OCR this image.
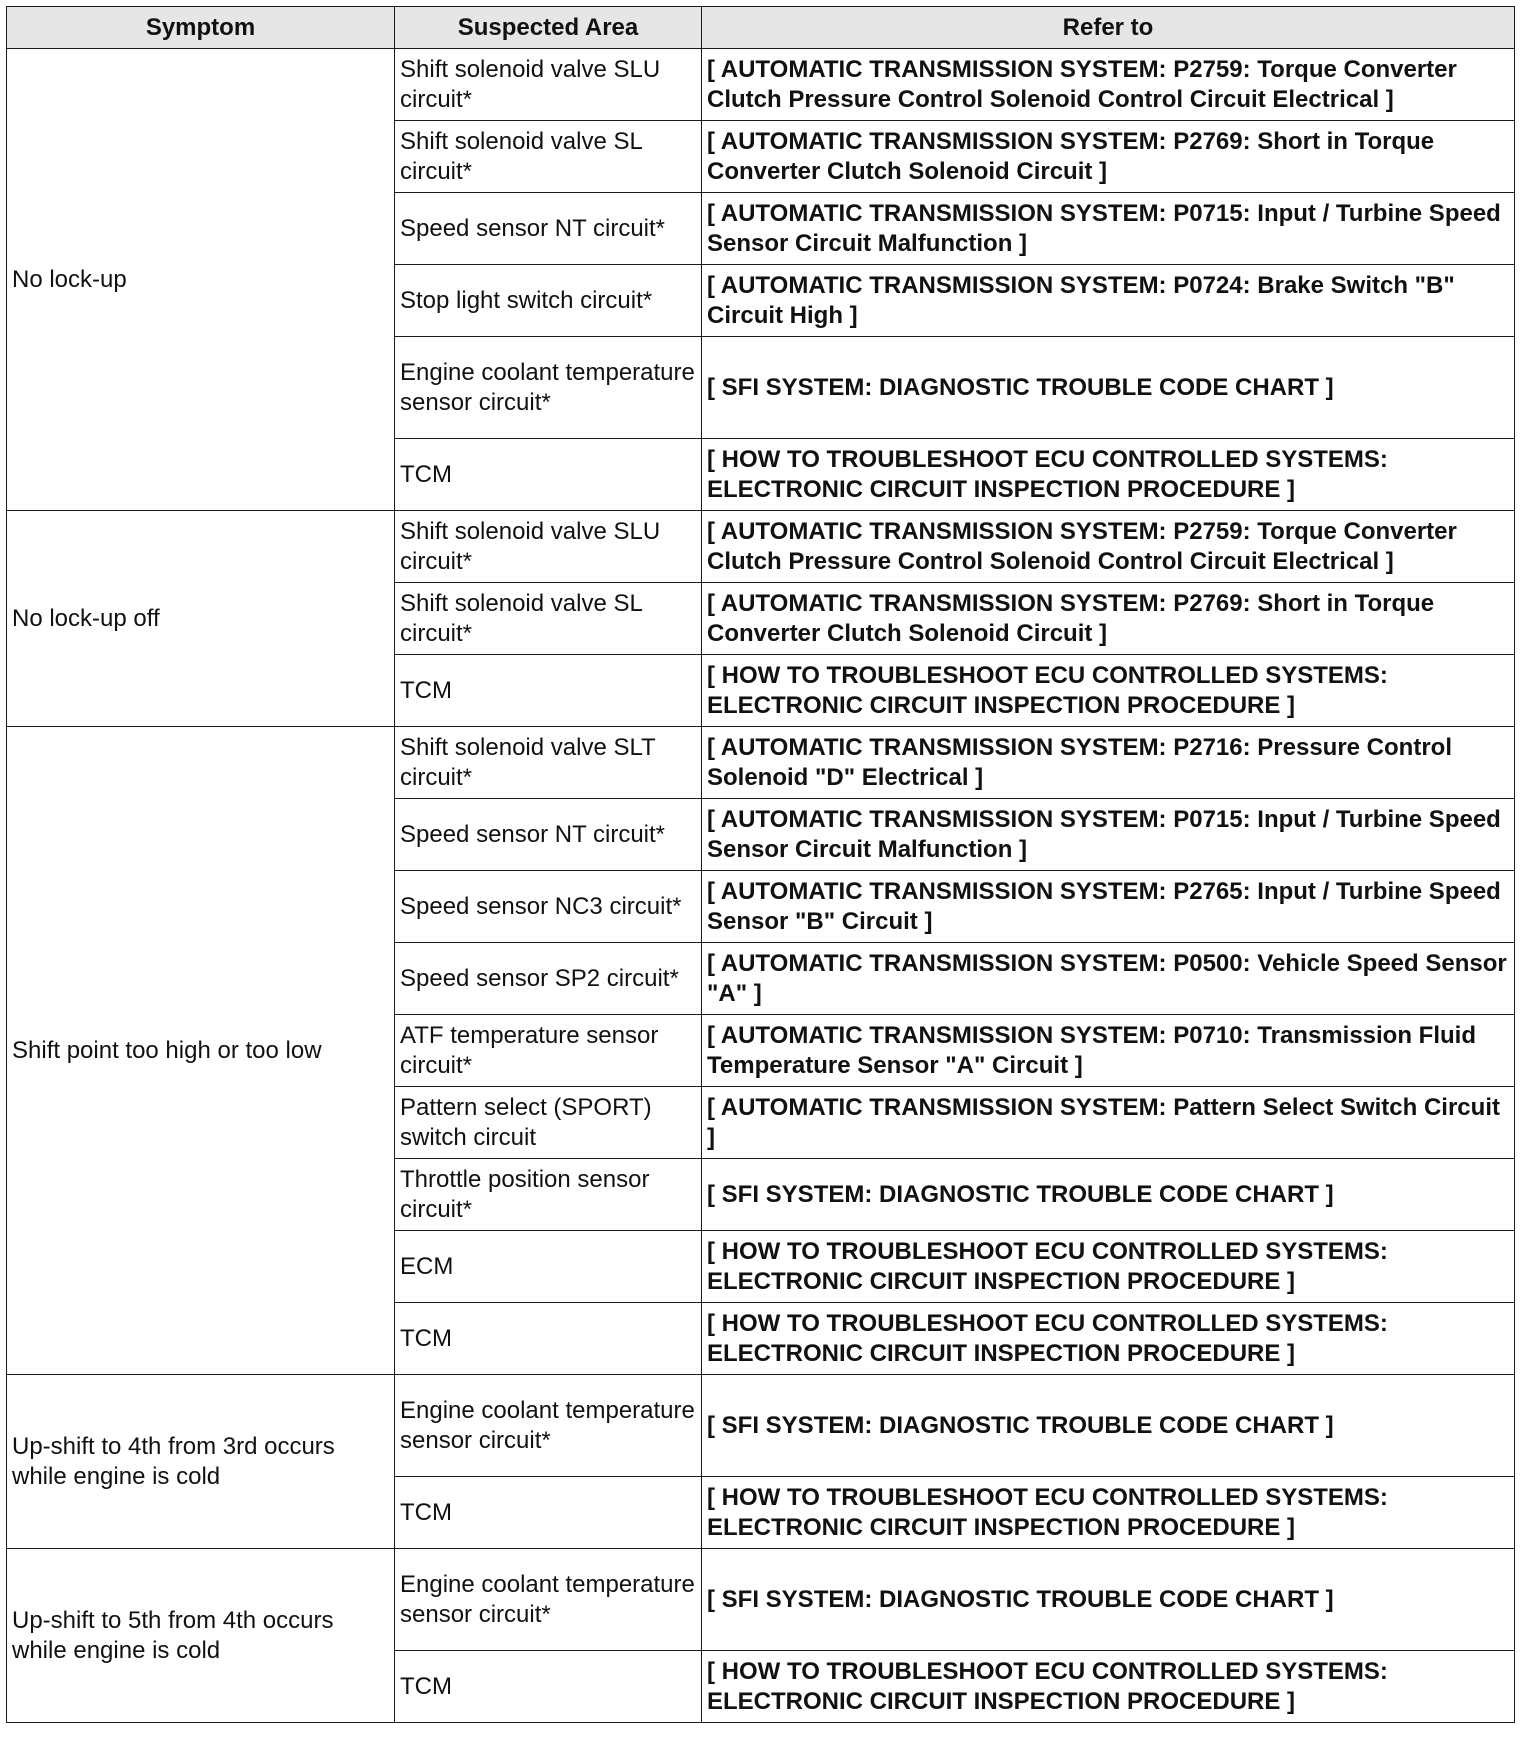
Symptom	Suspected Area	Refer to
No lock-up	Shift solenoid valve SLU circuit*	[ AUTOMATIC TRANSMISSION SYSTEM: P2759: Torque Converter Clutch Pressure Control Solenoid Control Circuit Electrical ]
	Shift solenoid valve SL circuit*	[ AUTOMATIC TRANSMISSION SYSTEM: P2769: Short in Torque Converter Clutch Solenoid Circuit ]
	Speed sensor NT circuit*	[ AUTOMATIC TRANSMISSION SYSTEM: P0715: Input / Turbine Speed Sensor Circuit Malfunction ]
	Stop light switch circuit*	[ AUTOMATIC TRANSMISSION SYSTEM: P0724: Brake Switch "B" Circuit High ]
	Engine coolant temperature sensor circuit*	[ SFI SYSTEM: DIAGNOSTIC TROUBLE CODE CHART ]
	TCM	[ HOW TO TROUBLESHOOT ECU CONTROLLED SYSTEMS: ELECTRONIC CIRCUIT INSPECTION PROCEDURE ]
No lock-up off	Shift solenoid valve SLU circuit*	[ AUTOMATIC TRANSMISSION SYSTEM: P2759: Torque Converter Clutch Pressure Control Solenoid Control Circuit Electrical ]
	Shift solenoid valve SL circuit*	[ AUTOMATIC TRANSMISSION SYSTEM: P2769: Short in Torque Converter Clutch Solenoid Circuit ]
	TCM	[ HOW TO TROUBLESHOOT ECU CONTROLLED SYSTEMS: ELECTRONIC CIRCUIT INSPECTION PROCEDURE ]
Shift point too high or too low	Shift solenoid valve SLT circuit*	[ AUTOMATIC TRANSMISSION SYSTEM: P2716: Pressure Control Solenoid "D" Electrical ]
	Speed sensor NT circuit*	[ AUTOMATIC TRANSMISSION SYSTEM: P0715: Input / Turbine Speed Sensor Circuit Malfunction ]
	Speed sensor NC3 circuit*	[ AUTOMATIC TRANSMISSION SYSTEM: P2765: Input / Turbine Speed Sensor "B" Circuit ]
	Speed sensor SP2 circuit*	[ AUTOMATIC TRANSMISSION SYSTEM: P0500: Vehicle Speed Sensor "A" ]
	ATF temperature sensor circuit*	[ AUTOMATIC TRANSMISSION SYSTEM: P0710: Transmission Fluid Temperature Sensor "A" Circuit ]
	Pattern select (SPORT) switch circuit	[ AUTOMATIC TRANSMISSION SYSTEM: Pattern Select Switch Circuit ]
	Throttle position sensor circuit*	[ SFI SYSTEM: DIAGNOSTIC TROUBLE CODE CHART ]
	ECM	[ HOW TO TROUBLESHOOT ECU CONTROLLED SYSTEMS: ELECTRONIC CIRCUIT INSPECTION PROCEDURE ]
	TCM	[ HOW TO TROUBLESHOOT ECU CONTROLLED SYSTEMS: ELECTRONIC CIRCUIT INSPECTION PROCEDURE ]
Up-shift to 4th from 3rd occurs while engine is cold	Engine coolant temperature sensor circuit*	[ SFI SYSTEM: DIAGNOSTIC TROUBLE CODE CHART ]
	TCM	[ HOW TO TROUBLESHOOT ECU CONTROLLED SYSTEMS: ELECTRONIC CIRCUIT INSPECTION PROCEDURE ]
Up-shift to 5th from 4th occurs while engine is cold	Engine coolant temperature sensor circuit*	[ SFI SYSTEM: DIAGNOSTIC TROUBLE CODE CHART ]
	TCM	[ HOW TO TROUBLESHOOT ECU CONTROLLED SYSTEMS: ELECTRONIC CIRCUIT INSPECTION PROCEDURE ]
